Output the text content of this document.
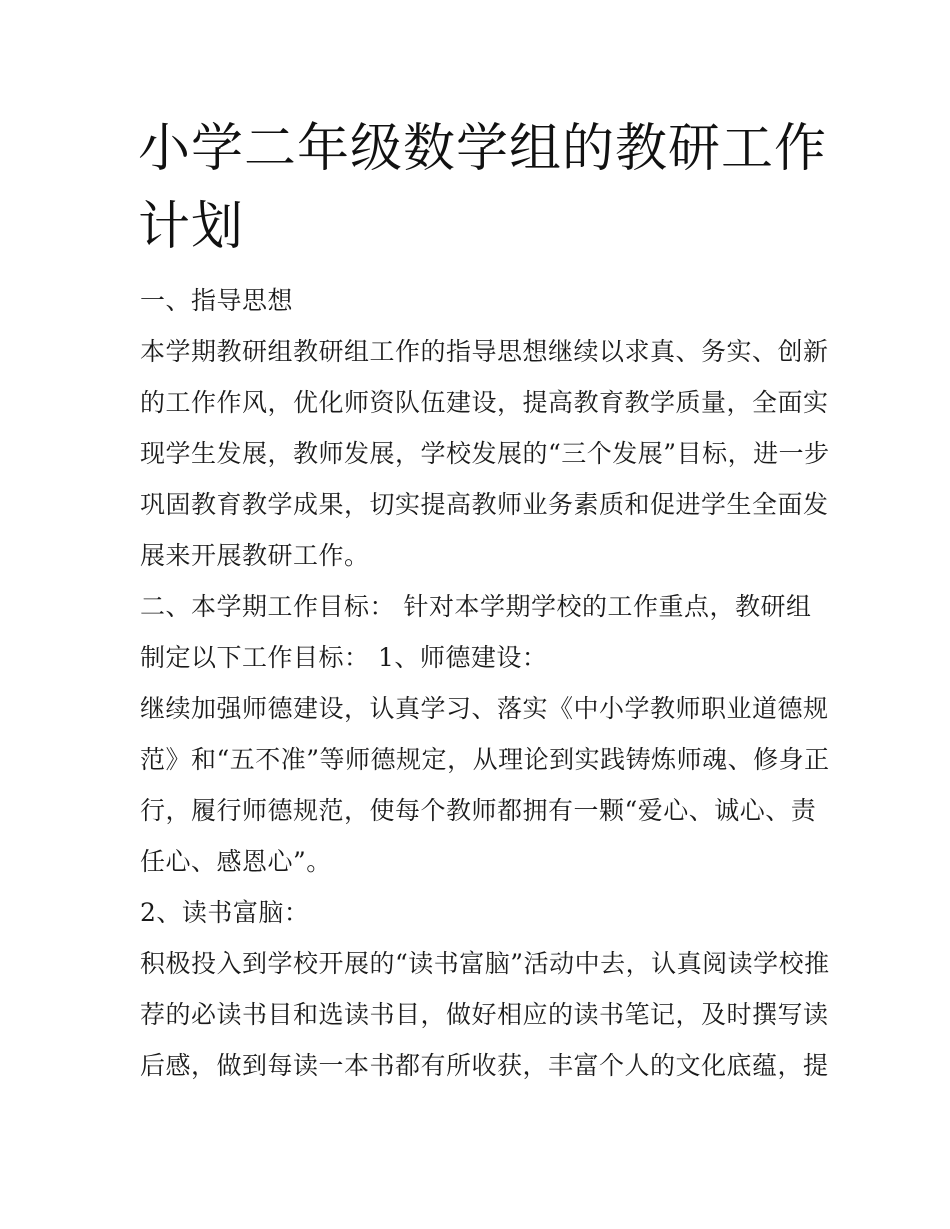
小学二年级数学组的教研工作
计划

一、指导思想

本学期教研组教研组工作的指导思想继续以求真、务实、创新

的工作作风，优化师资队伍建设，提高教育教学质量，全面实

现学生发展，教师发展，学校发展的“三个发展”目标，进一步

巩固教育教学成果，切实提高教师业务素质和促进学生全面发

展来开展教研工作。

二、本学期工作目标： 针对本学期学校的工作重点，教研组

制定以下工作目标： 1、师德建设：

继续加强师德建设，认真学习、落实《中小学教师职业道德规

范》和“五不准”等师德规定，从理论到实践铸炼师魂、修身正

行，履行师德规范，使每个教师都拥有一颗“爱心、诚心、责

任心、感恩心”。

2、读书富脑：

积极投入到学校开展的“读书富脑”活动中去，认真阅读学校推

荐的必读书目和选读书目，做好相应的读书笔记，及时撰写读

后感，做到每读一本书都有所收获，丰富个人的文化底蕴，提
